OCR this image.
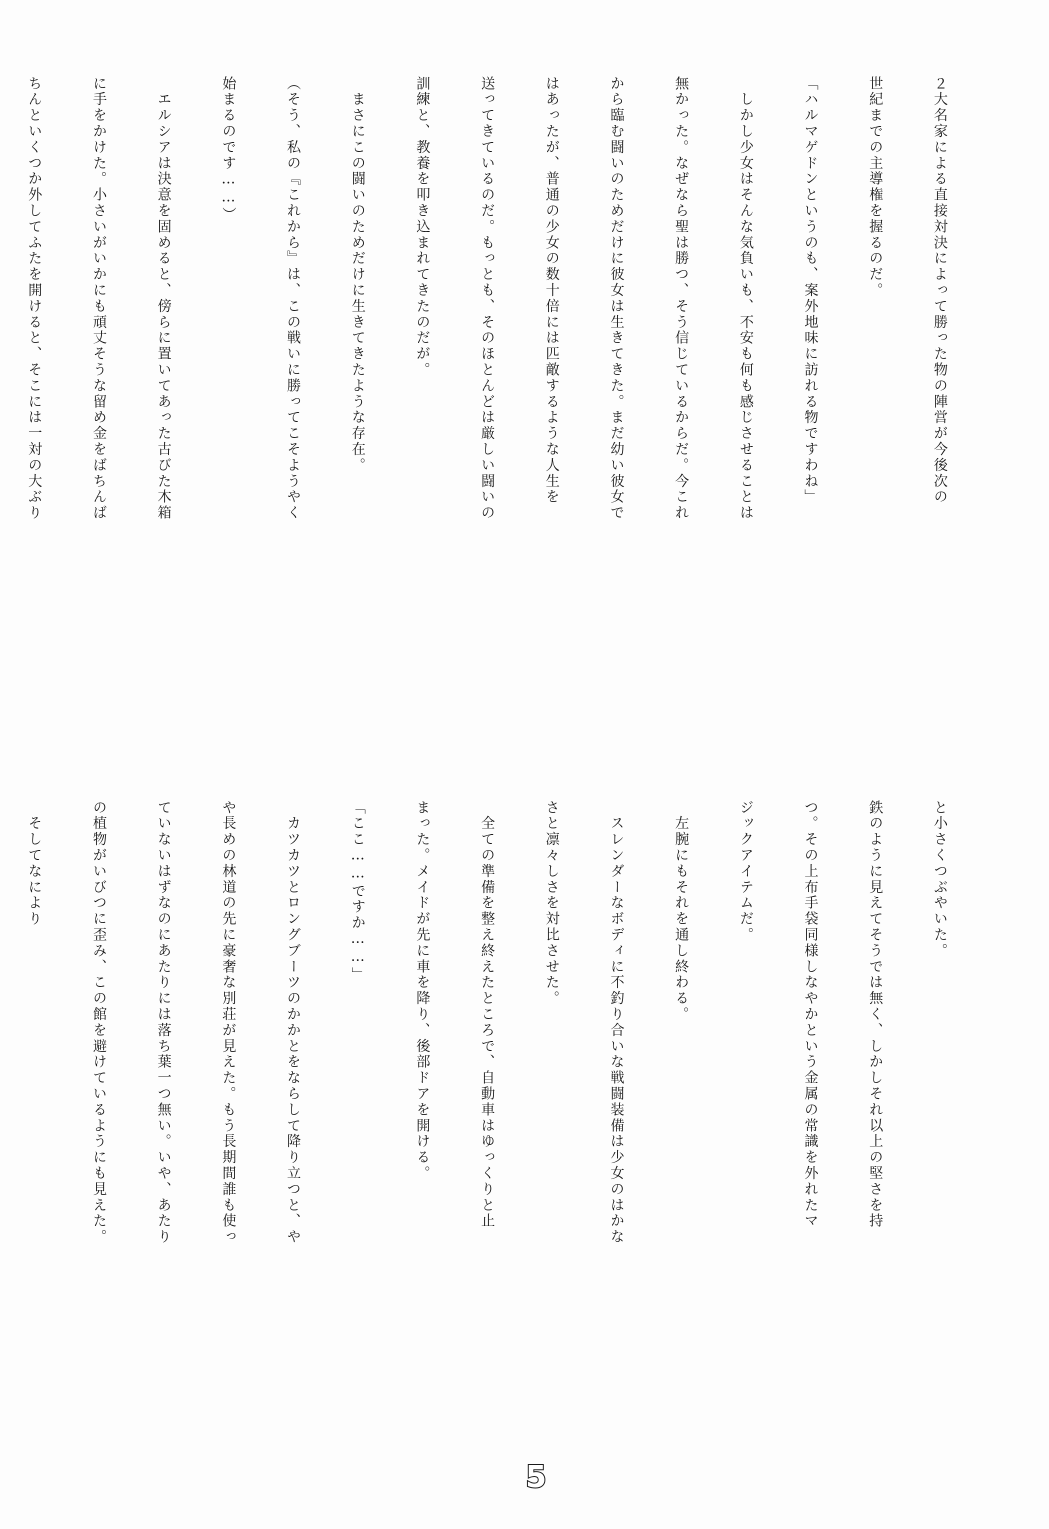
２大名家による直接対決によって勝った物の陣営が今後次の

世紀までの主導権を握るのだ。

「ハルマゲドンというのも、案外地味に訪れる物ですわね」

　しかし少女はそんな気負いも、不安も何も感じさせることは

無かった。なぜなら聖は勝つ、そう信じているからだ。今これ

から臨む闘いのためだけに彼女は生きてきた。まだ幼い彼女で

はあったが、普通の少女の数十倍には匹敵するような人生を

送ってきているのだ。もっとも、そのほとんどは厳しい闘いの

訓練と、教養を叩き込まれてきたのだが。

　まさにこの闘いのためだけに生きてきたような存在。

（そう、私の『これから』は、この戦いに勝ってこそようやく

始まるのです……）

　エルシアは決意を固めると、傍らに置いてあった古びた木箱

に手をかけた。小さいがいかにも頑丈そうな留め金をばちんば

ちんといくつか外してふたを開けると、そこには一対の大ぶり

と小さくつぶやいた。

鉄のように見えてそうでは無く、しかしそれ以上の堅さを持

つ。その上布手袋同様しなやかという金属の常識を外れたマ

ジックアイテムだ。

　左腕にもそれを通し終わる。

　スレンダーなボディに不釣り合いな戦闘装備は少女のはかな

さと凛々しさを対比させた。

　全ての準備を整え終えたところで、自動車はゆっくりと止

まった。メイドが先に車を降り、後部ドアを開ける。

「ここ……ですか……」

　カツカツとロングブーツのかかとをならして降り立つと、や

や長めの林道の先に豪奢な別荘が見えた。もう長期間誰も使っ

ていないはずなのにあたりには落ち葉一つ無い。いや、あたり

の植物がいびつに歪み、この館を避けているようにも見えた。

　そしてなにより

5
